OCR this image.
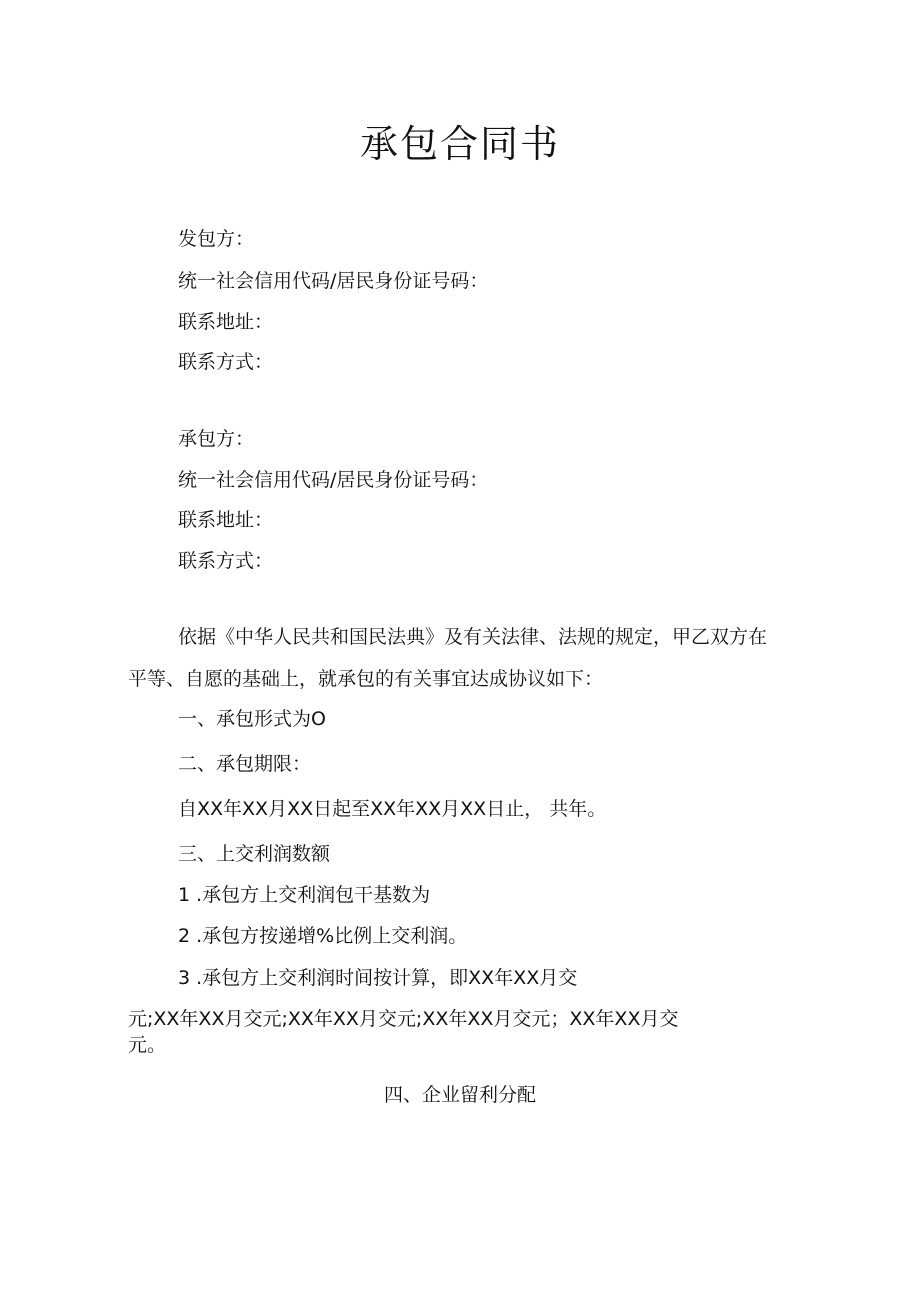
承包合同书

发包方：

统一社会信用代码/居民身份证号码：

联系地址：

联系方式：

承包方：

统一社会信用代码/居民身份证号码：

联系地址：

联系方式：

依据《中华人民共和国民法典》及有关法律、法规的规定，甲乙双方在

平等、自愿的基础上，就承包的有关事宜达成协议如下：

一、承包形式为O

二、承包期限：

自XX年XX月XX日起至XX年XX月XX日止， 共年。

三、上交利润数额

1 .承包方上交利润包干基数为

2 .承包方按递增%比例上交利润。

3 .承包方上交利润时间按计算，即XX年XX月交

元;XX年XX月交元;XX年XX月交元;XX年XX月交元；XX年XX月交

元。

四、企业留利分配
